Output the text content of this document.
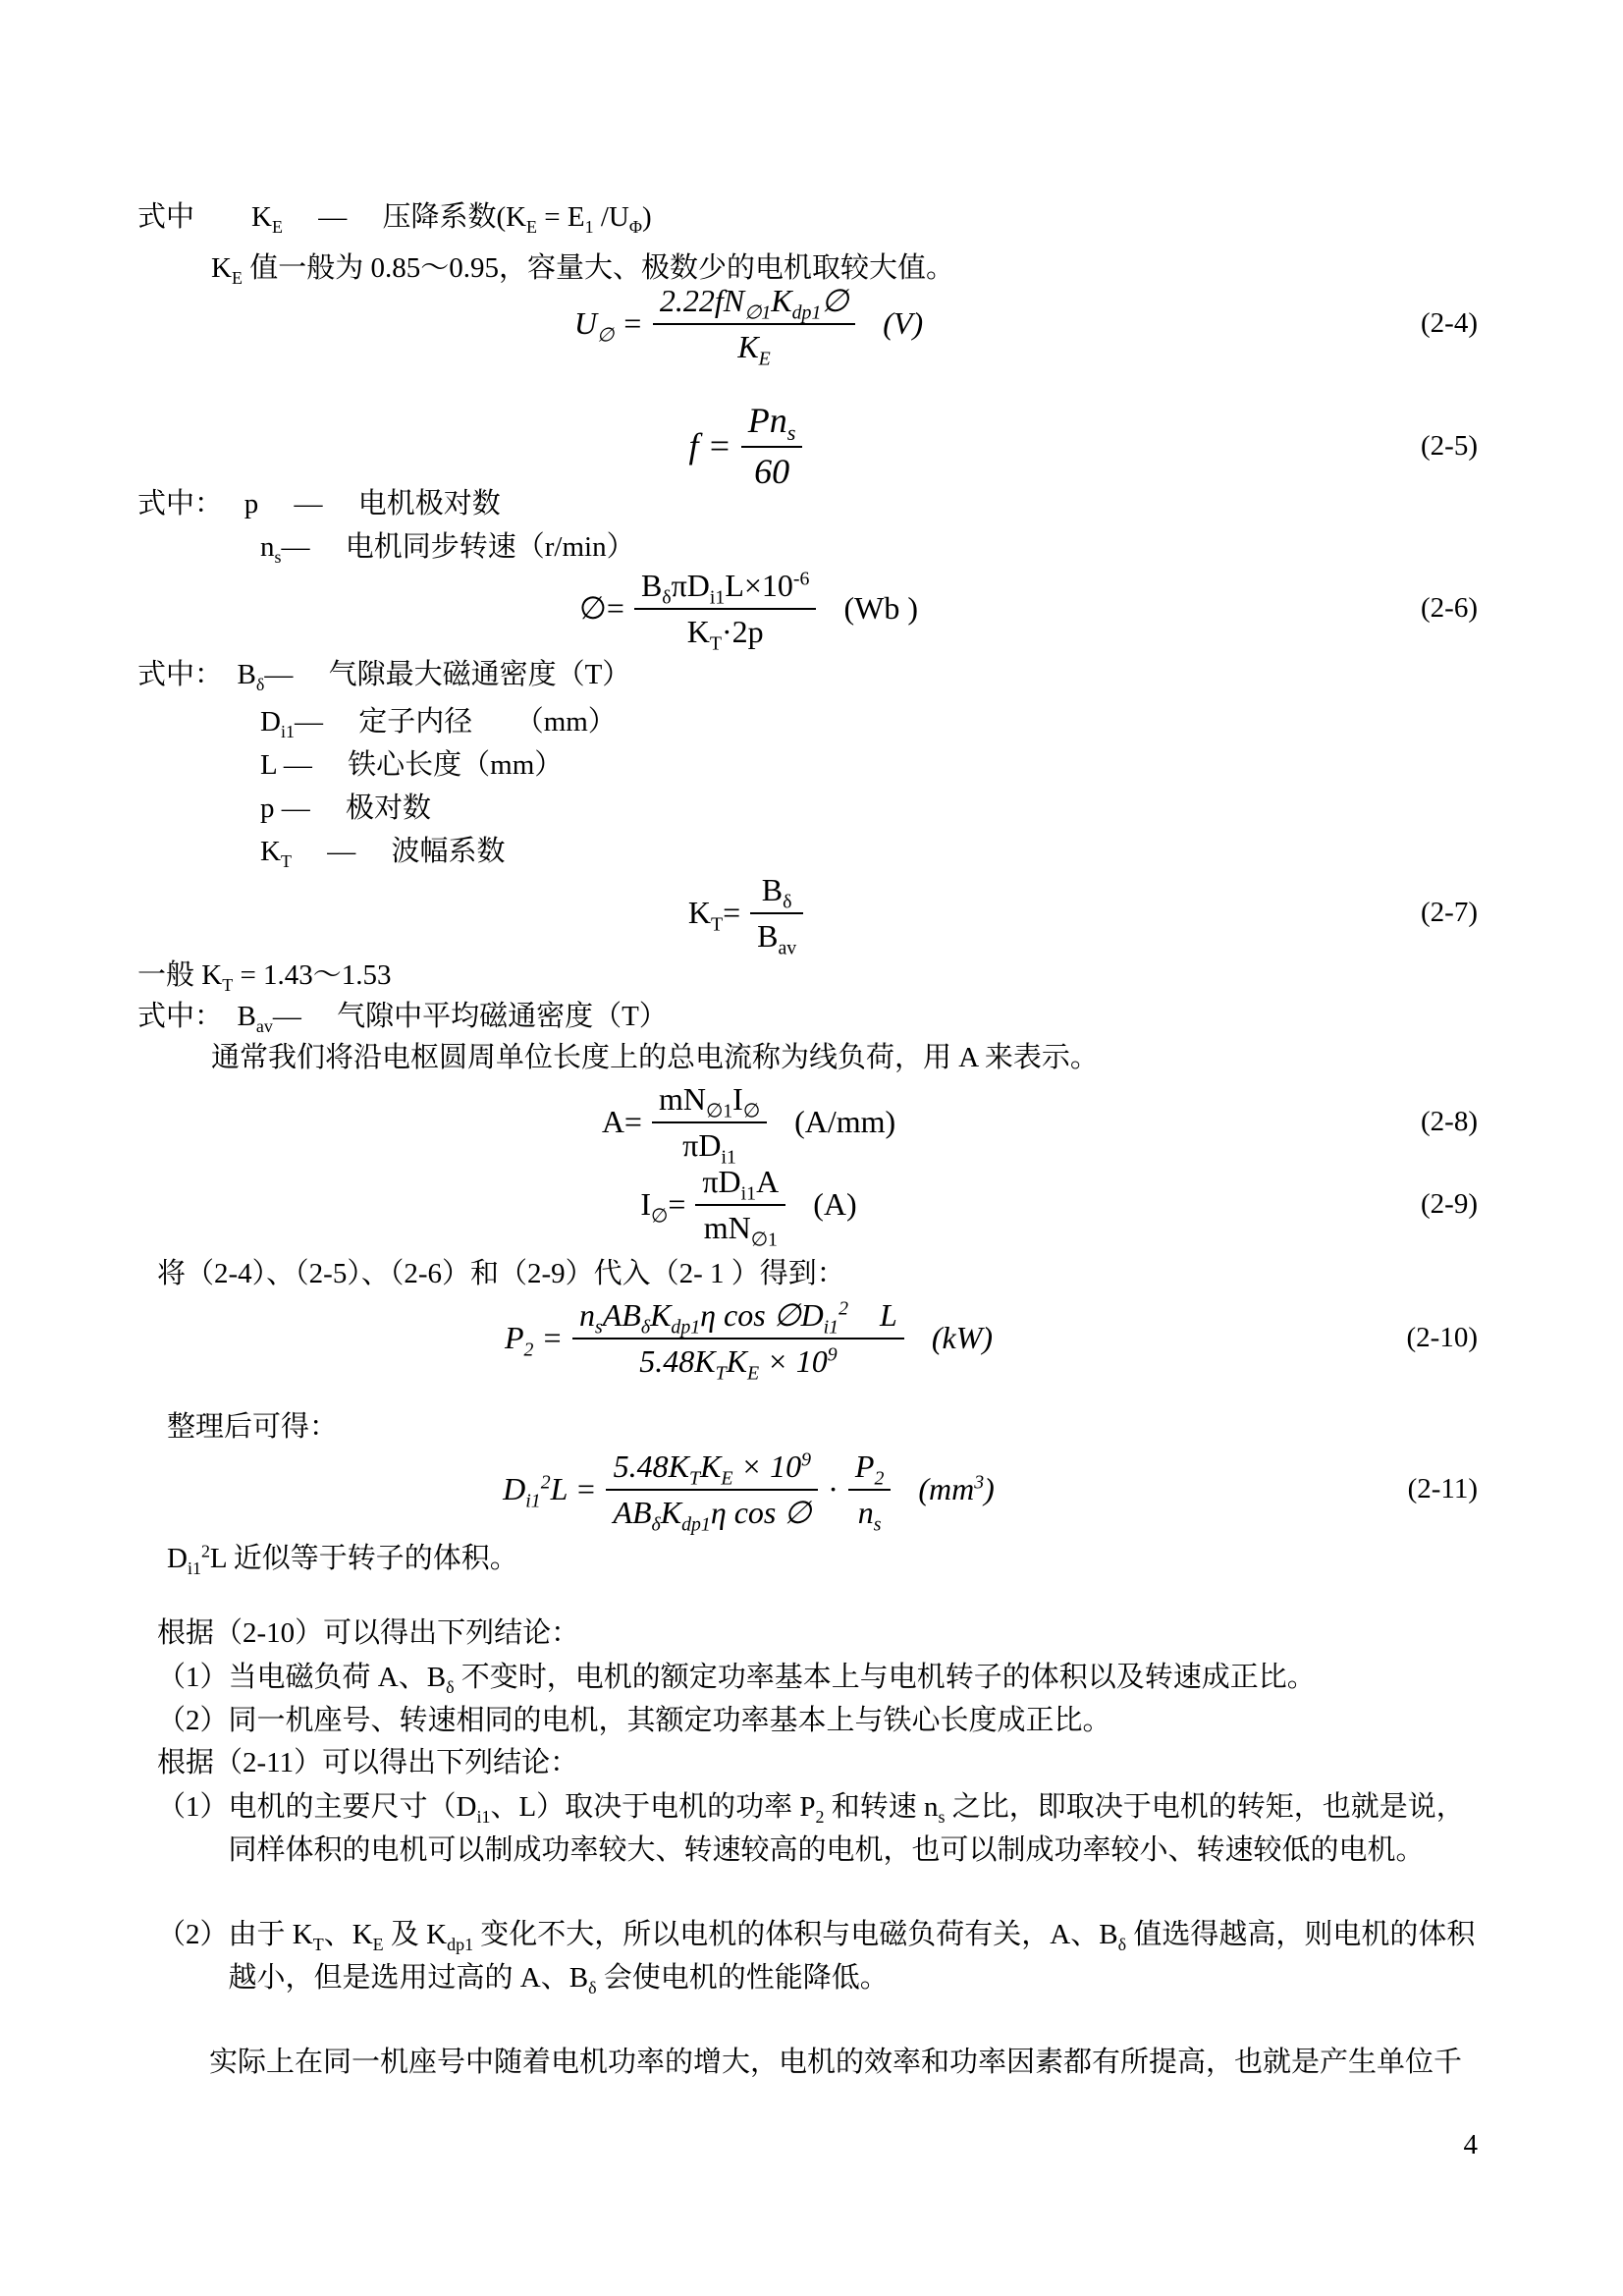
式中　　$K_E$　 —　 压降系数($K_E = E_1$ $/U_\Phi$)
$K_E$ 值一般为 0.85～0.95，容量大、极数少的电机取较大值。
$U_\emptyset = \frac{2.22fN_{\emptyset 1}K_{dp1}\emptyset}{K_E} (V)$	(2-4)
$f = \frac{Pn_s}{60}$	(2-5)
式中：　 p　 —　 电机极对数
$n_s—$　 电机同步转速（r/min）
∅= $\frac{B_\delta\pi D_{i1}L\times 10^{-6}}{K_T\cdot 2p} (Wb$ )	(2-6)
式中：　$B_\delta—$　 气隙最大磁通密度（T）
$D_{i1}—$　 定子内径　　（mm）
L —　 铁心长度（mm）
p —　 极对数
$K_T$　 —　 波幅系数
$K_T= \frac{B_\delta}{B_{av}}$	(2-7)
一般 $K_T$ = 1.43～1.53
式中：　$B_{av}—$　 气隙中平均磁通密度（T）
通常我们将沿电枢圆周单位长度上的总电流称为线负荷，用 A 来表示。
$A= \frac{mN_{\emptyset 1}I_\emptyset}{\pi D_{i1}} (A/mm)$	(2-8)
$I_\emptyset= \frac{\pi D_{i1}A}{mN_{\emptyset 1}} (A)$	(2-9)
将（2-4）、（2-5）、（2-6）和（2-9）代入（2- 1 ）得到：
$P_2 = \frac{n_sAB_\delta K_{dp1}\eta \cos \emptyset D_{i1}^2 L}{5.48K_TK_E \times 10^9} (kW)$	(2-10)
整理后可得：
$D_{i1}^2L = \frac{5.48K_TK_E \times 10^9}{AB_\delta K_{dp1}\eta \cos \emptyset} \cdot \frac{P_2}{n_s} (mm^3)$	(2-11)
$D_{i1}^2L$ 近似等于转子的体积。
根据（2-10）可以得出下列结论：
（1） 当电磁负荷 A、$B_\delta$ 不变时，电机的额定功率基本上与电机转子的体积以及转速成正比。
（2） 同一机座号、转速相同的电机，其额定功率基本上与铁心长度成正比。
根据（2-11）可以得出下列结论：
（1） 电机的主要尺寸（$D_{i1}$、L）取决于电机的功率 $P_2$ 和转速 $n_s$ 之比，即取决于电机的转矩，也就是说，同样体积的电机可以制成功率较大、转速较高的电机，也可以制成功率较小、转速较低的电机。
（2） 由于 $K_T$、$K_E$ 及 $K_{dp1}$ 变化不大，所以电机的体积与电磁负荷有关，A、$B_\delta$ 值选得越高，则电机的体积越小，但是选用过高的 A、$B_\delta$ 会使电机的性能降低。
实际上在同一机座号中随着电机功率的增大，电机的效率和功率因素都有所提高，也就是产生单位千
4
